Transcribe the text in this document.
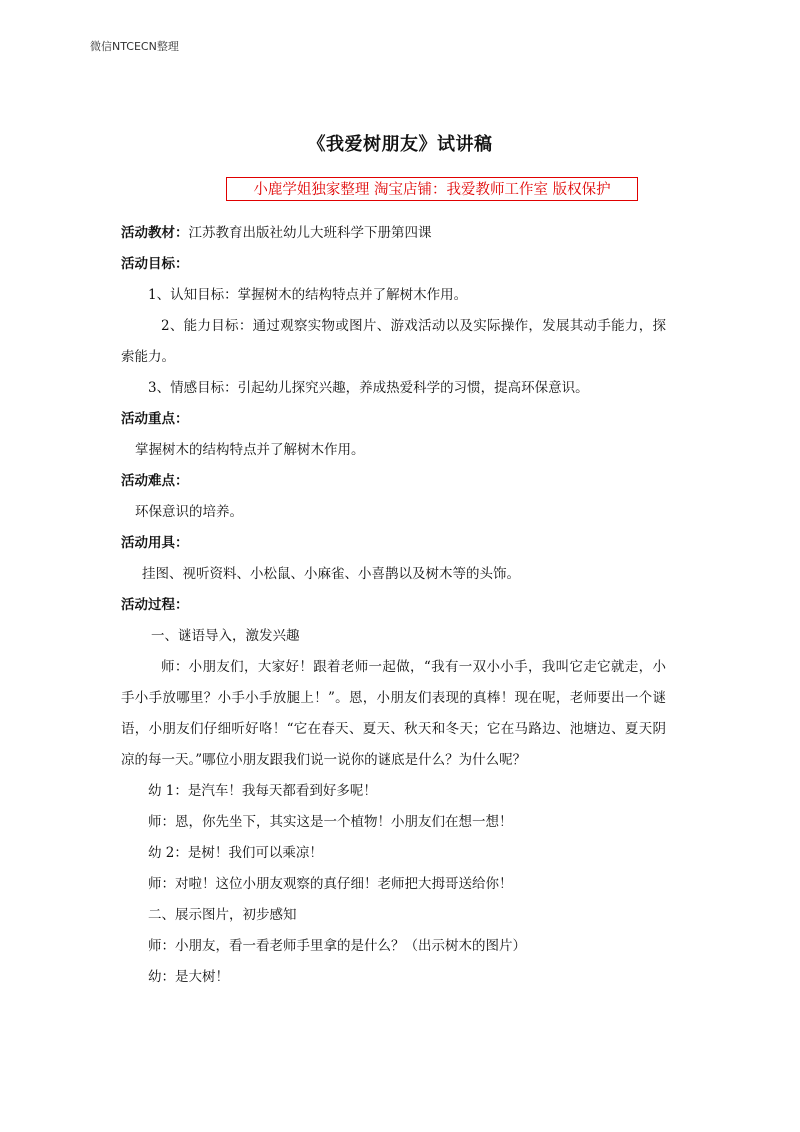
微信NTCECN整理
《我爱树朋友》试讲稿
小鹿学姐独家整理 淘宝店铺：我爱教师工作室 版权保护
活动教材：江苏教育出版社幼儿大班科学下册第四课
活动目标：
1、认知目标：掌握树木的结构特点并了解树木作用。
2、能力目标：通过观察实物或图片、游戏活动以及实际操作，发展其动手能力，探索能力。
3、情感目标：引起幼儿探究兴趣，养成热爱科学的习惯，提高环保意识。
活动重点：
掌握树木的结构特点并了解树木作用。
活动难点：
环保意识的培养。
活动用具：
挂图、视听资料、小松鼠、小麻雀、小喜鹊以及树木等的头饰。
活动过程：
一、谜语导入，激发兴趣
师：小朋友们，大家好！跟着老师一起做，“我有一双小小手，我叫它走它就走，小手小手放哪里？小手小手放腿上！”。恩，小朋友们表现的真棒！现在呢，老师要出一个谜语，小朋友们仔细听好咯！“它在春天、夏天、秋天和冬天；它在马路边、池塘边、夏天阴凉的每一天。”哪位小朋友跟我们说一说你的谜底是什么？为什么呢？
幼 1：是汽车！我每天都看到好多呢！
师：恩，你先坐下，其实这是一个植物！小朋友们在想一想！
幼 2：是树！我们可以乘凉！
师：对啦！这位小朋友观察的真仔细！老师把大拇哥送给你！
二、展示图片，初步感知
师：小朋友，看一看老师手里拿的是什么？（出示树木的图片）
幼：是大树！
